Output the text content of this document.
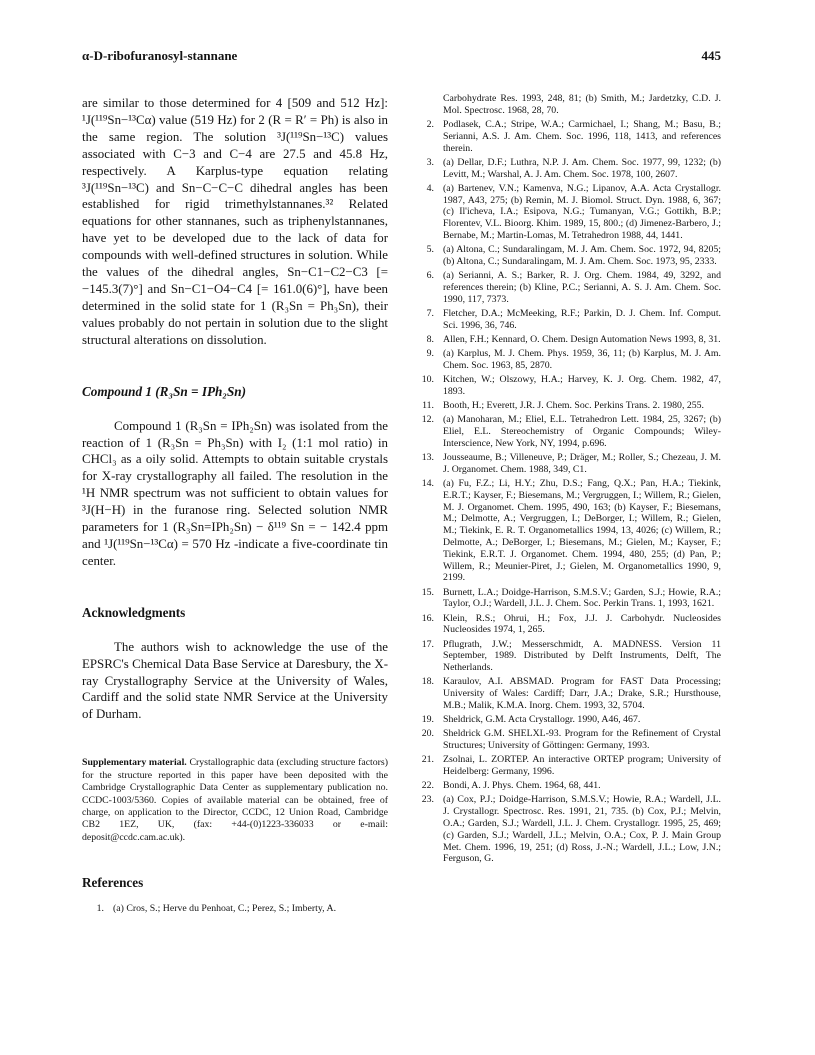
α-D-ribofuranosyl-stannane	445

are similar to those determined for 4 [509 and 512 Hz]: ¹J(¹¹⁹Sn−¹³Cα) value (519 Hz) for 2 (R = R′ = Ph) is also in the same region. The solution ³J(¹¹⁹Sn−¹³C) values associated with C−3 and C−4 are 27.5 and 45.8 Hz, respectively. A Karplus-type equation relating ³J(¹¹⁹Sn−¹³C) and Sn−C−C−C dihedral angles has been established for rigid trimethylstannanes.³² Related equations for other stannanes, such as triphenylstannanes, have yet to be developed due to the lack of data for compounds with well-defined structures in solution. While the values of the dihedral angles, Sn−C1−C2−C3 [= −145.3(7)°] and Sn−C1−O4−C4 [= 161.0(6)°], have been determined in the solid state for 1 (R₃Sn = Ph₃Sn), their values probably do not pertain in solution due to the slight structural alterations on dissolution.

Compound 1 (R₃Sn = IPh₂Sn)

Compound 1 (R₃Sn = IPh₂Sn) was isolated from the reaction of 1 (R₃Sn = Ph₃Sn) with I₂ (1:1 mol ratio) in CHCl₃ as a oily solid. Attempts to obtain suitable crystals for X-ray crystallography all failed. The resolution in the ¹H NMR spectrum was not sufficient to obtain values for ³J(H−H) in the furanose ring. Selected solution NMR parameters for 1 (R₃Sn=IPh₂Sn) − δ¹¹⁹ Sn = − 142.4 ppm and ¹J(¹¹⁹Sn−¹³Cα) = 570 Hz -indicate a five-coordinate tin center.

Acknowledgments

The authors wish to acknowledge the use of the EPSRC's Chemical Data Base Service at Daresbury, the X-ray Crystallography Service at the University of Wales, Cardiff and the solid state NMR Service at the University of Durham.

Supplementary material. Crystallographic data (excluding structure factors) for the structure reported in this paper have been deposited with the Cambridge Crystallographic Data Center as supplementary publication no. CCDC-1003/5360. Copies of available material can be obtained, free of charge, on application to the Director, CCDC, 12 Union Road, Cambridge CB2 1EZ, UK, (fax: +44-(0)1223-336033 or e-mail: deposit@ccdc.cam.ac.uk).

References
1. (a) Cros, S.; Herve du Penhoat, C.; Perez, S.; Imberty, A.
Carbohydrate Res. 1993, 248, 81; (b) Smith, M.; Jardetzky, C.D. J. Mol. Spectrosc. 1968, 28, 70.
2. Podlasek, C.A.; Stripe, W.A.; Carmichael, I.; Shang, M.; Basu, B.; Serianni, A.S. J. Am. Chem. Soc. 1996, 118, 1413, and references therein.
3. (a) Dellar, D.F.; Luthra, N.P. J. Am. Chem. Soc. 1977, 99, 1232; (b) Levitt, M.; Warshal, A. J. Am. Chem. Soc. 1978, 100, 2607.
4. (a) Bartenev, V.N.; Kamenva, N.G.; Lipanov, A.A. Acta Crystallogr. 1987, A43, 275; (b) Remin, M. J. Biomol. Struct. Dyn. 1988, 6, 367; (c) Il'icheva, I.A.; Esipova, N.G.; Tumanyan, V.G.; Gottikh, B.P.; Florentev, V.L. Bioorg. Khim. 1989, 15, 800.; (d) Jimenez-Barbero, J.; Bernabe, M.; Martin-Lomas, M. Tetrahedron 1988, 44, 1441.
5. (a) Altona, C.; Sundaralingam, M. J. Am. Chem. Soc. 1972, 94, 8205; (b) Altona, C.; Sundaralingam, M. J. Am. Chem. Soc. 1973, 95, 2333.
6. (a) Serianni, A. S.; Barker, R. J. Org. Chem. 1984, 49, 3292, and references therein; (b) Kline, P.C.; Serianni, A. S. J. Am. Chem. Soc. 1990, 117, 7373.
7. Fletcher, D.A.; McMeeking, R.F.; Parkin, D. J. Chem. Inf. Comput. Sci. 1996, 36, 746.
8. Allen, F.H.; Kennard, O. Chem. Design Automation News 1993, 8, 31.
9. (a) Karplus, M. J. Chem. Phys. 1959, 36, 11; (b) Karplus, M. J. Am. Chem. Soc. 1963, 85, 2870.
10. Kitchen, W.; Olszowy, H.A.; Harvey, K. J. Org. Chem. 1982, 47, 1893.
11. Booth, H.; Everett, J.R. J. Chem. Soc. Perkins Trans. 2. 1980, 255.
12. (a) Manoharan, M.; Eliel, E.L. Tetrahedron Lett. 1984, 25, 3267; (b) Eliel, E.L. Stereochemistry of Organic Compounds; Wiley-Interscience, New York, NY, 1994, p.696.
13. Jousseaume, B.; Villeneuve, P.; Dräger, M.; Roller, S.; Chezeau, J. M. J. Organomet. Chem. 1988, 349, C1.
14. (a) Fu, F.Z.; Li, H.Y.; Zhu, D.S.; Fang, Q.X.; Pan, H.A.; Tiekink, E.R.T.; Kayser, F.; Biesemans, M.; Vergruggen, I.; Willem, R.; Gielen, M. J. Organomet. Chem. 1995, 490, 163; (b) Kayser, F.; Biesemans, M.; Delmotte, A.; Vergruggen, I.; DeBorger, I.; Willem, R.; Gielen, M.; Tiekink, E. R. T. Organometallics 1994, 13, 4026; (c) Willem, R.; Delmotte, A.; DeBorger, I.; Biesemans, M.; Gielen, M.; Kayser, F.; Tiekink, E.R.T. J. Organomet. Chem. 1994, 480, 255; (d) Pan, P.; Willem, R.; Meunier-Piret, J.; Gielen, M. Organometallics 1990, 9, 2199.
15. Burnett, L.A.; Doidge-Harrison, S.M.S.V.; Garden, S.J.; Howie, R.A.; Taylor, O.J.; Wardell, J.L. J. Chem. Soc. Perkin Trans. 1, 1993, 1621.
16. Klein, R.S.; Ohrui, H.; Fox, J.J. J. Carbohydr. Nucleosides Nucleosides 1974, 1, 265.
17. Pflugrath, J.W.; Messerschmidt, A. MADNESS. Version 11 September, 1989. Distributed by Delft Instruments, Delft, The Netherlands.
18. Karaulov, A.I. ABSMAD. Program for FAST Data Processing; University of Wales: Cardiff; Darr, J.A.; Drake, S.R.; Hursthouse, M.B.; Malik, K.M.A. Inorg. Chem. 1993, 32, 5704.
19. Sheldrick, G.M. Acta Crystallogr. 1990, A46, 467.
20. Sheldrick G.M. SHELXL-93. Program for the Refinement of Crystal Structures; University of Göttingen: Germany, 1993.
21. Zsolnai, L. ZORTEP. An interactive ORTEP program; University of Heidelberg: Germany, 1996.
22. Bondi, A. J. Phys. Chem. 1964, 68, 441.
23. (a) Cox, P.J.; Doidge-Harrison, S.M.S.V.; Howie, R.A.; Wardell, J.L. J. Crystallogr. Spectrosc. Res. 1991, 21, 735. (b) Cox, P.J.; Melvin, O.A.; Garden, S.J.; Wardell, J.L. J. Chem. Crystallogr. 1995, 25, 469; (c) Garden, S.J.; Wardell, J.L.; Melvin, O.A.; Cox, P. J. Main Group Met. Chem. 1996, 19, 251; (d) Ross, J.-N.; Wardell, J.L.; Low, J.N.; Ferguson, G.
